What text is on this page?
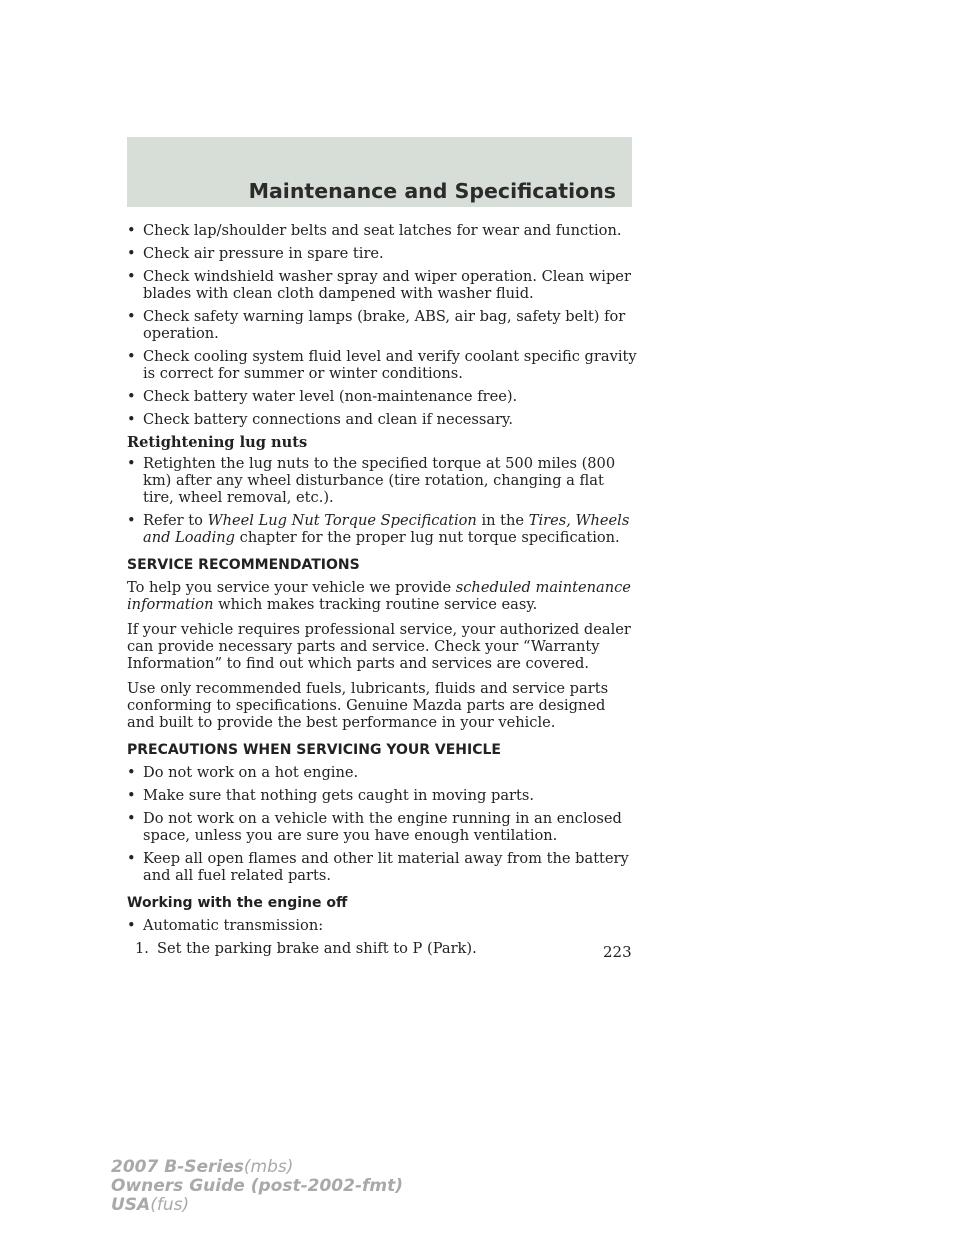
Maintenance and Specifications
• Check lap/shoulder belts and seat latches for wear and function.
• Check air pressure in spare tire.
• Check windshield washer spray and wiper operation. Clean wiper blades with clean cloth dampened with washer fluid.
• Check safety warning lamps (brake, ABS, air bag, safety belt) for operation.
• Check cooling system fluid level and verify coolant specific gravity is correct for summer or winter conditions.
• Check battery water level (non-maintenance free).
• Check battery connections and clean if necessary.
Retightening lug nuts
• Retighten the lug nuts to the specified torque at 500 miles (800 km) after any wheel disturbance (tire rotation, changing a flat tire, wheel removal, etc.).
• Refer to Wheel Lug Nut Torque Specification in the Tires, Wheels and Loading chapter for the proper lug nut torque specification.
SERVICE RECOMMENDATIONS
To help you service your vehicle we provide scheduled maintenance information which makes tracking routine service easy.
If your vehicle requires professional service, your authorized dealer can provide necessary parts and service. Check your “Warranty Information” to find out which parts and services are covered.
Use only recommended fuels, lubricants, fluids and service parts conforming to specifications. Genuine Mazda parts are designed and built to provide the best performance in your vehicle.
PRECAUTIONS WHEN SERVICING YOUR VEHICLE
• Do not work on a hot engine.
• Make sure that nothing gets caught in moving parts.
• Do not work on a vehicle with the engine running in an enclosed space, unless you are sure you have enough ventilation.
• Keep all open flames and other lit material away from the battery and all fuel related parts.
Working with the engine off
• Automatic transmission:
1. Set the parking brake and shift to P (Park).	223
2007 B-Series(mbs)
Owners Guide (post-2002-fmt)
USA(fus)
